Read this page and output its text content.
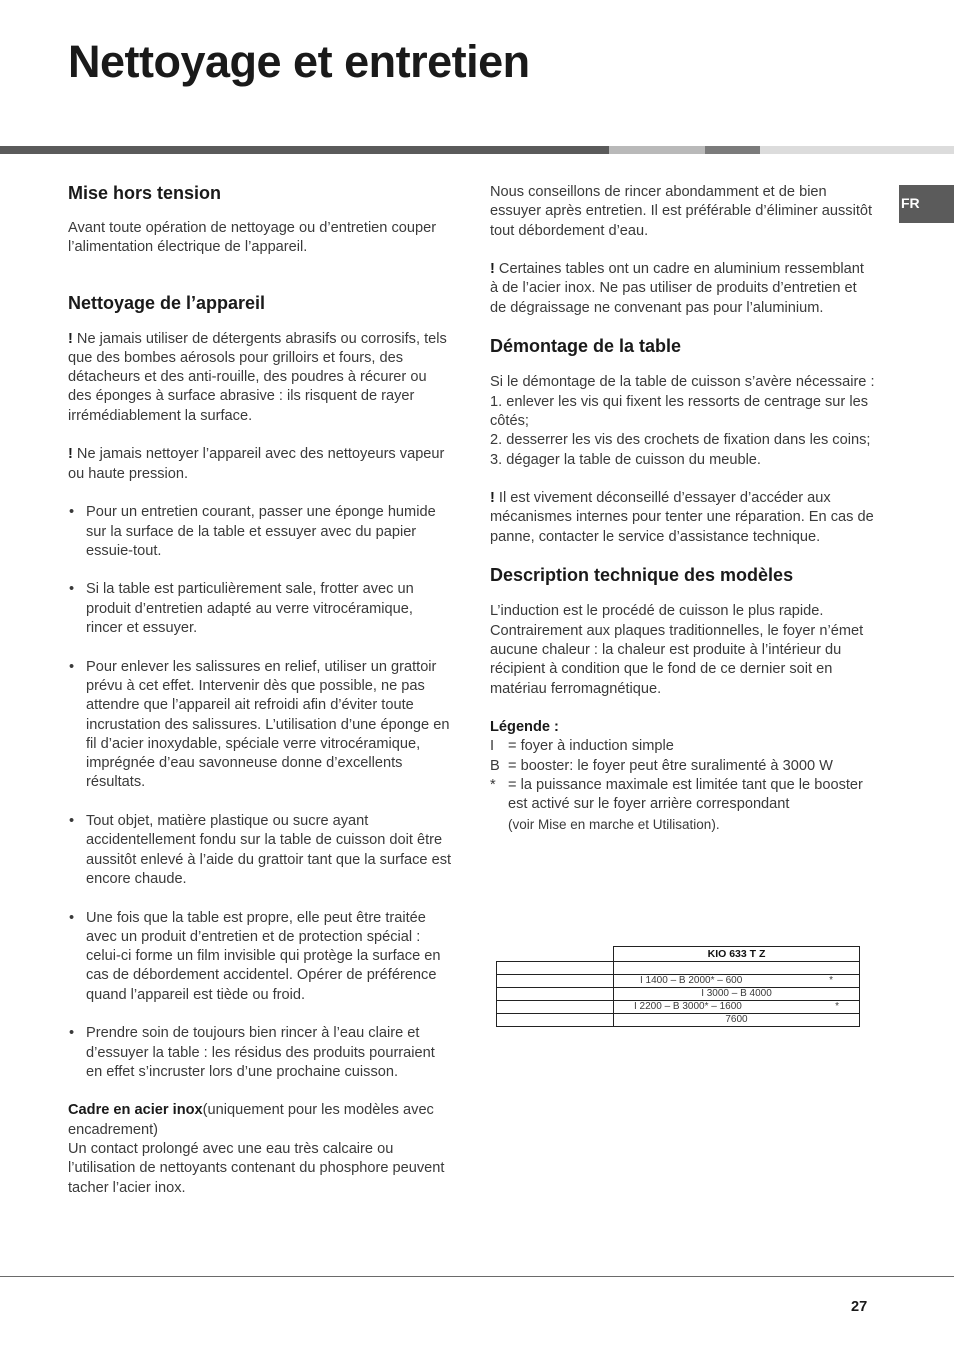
Nettoyage et entretien
FR
Mise hors tension

Avant toute opération de nettoyage ou d’entretien couper l’alimentation électrique de l’appareil.

Nettoyage de l’appareil

! Ne jamais utiliser de détergents abrasifs ou corrosifs, tels que des bombes aérosols pour grilloirs et fours, des détacheurs et des anti-rouille, des poudres à récurer ou des éponges à surface abrasive : ils risquent de rayer irrémédiablement la surface.

! Ne jamais nettoyer l’appareil avec des nettoyeurs vapeur ou haute pression.

• Pour un entretien courant, passer une éponge humide sur la surface de la table et essuyer avec du papier essuie-tout.
• Si la table est particulièrement sale, frotter avec un produit d’entretien adapté au verre vitrocéramique, rincer et essuyer.
• Pour enlever les salissures en relief, utiliser un grattoir prévu à cet effet. Intervenir dès que possible, ne pas attendre que l’appareil ait refroidi afin d’éviter toute incrustation des salissures. L’utilisation d’une éponge en fil d’acier inoxydable, spéciale verre vitrocéramique, imprégnée d’eau savonneuse donne d’excellents résultats.
• Tout objet, matière plastique ou sucre ayant accidentellement fondu sur la table de cuisson doit être aussitôt enlevé à l’aide du grattoir tant que la surface est encore chaude.
• Une fois que la table est propre, elle peut être traitée avec un produit d’entretien et de protection spécial : celui-ci forme un film invisible qui protège la surface en cas de débordement accidentel. Opérer de préférence quand l’appareil est tiède ou froid.
• Prendre soin de toujours bien rincer à l’eau claire et d’essuyer la table : les résidus des produits pourraient en effet s’incruster lors d’une prochaine cuisson.

Cadre en acier inox(uniquement pour les modèles avec encadrement)

Un contact prolongé avec une eau très calcaire ou l’utilisation de nettoyants contenant du phosphore peuvent tacher l’acier inox.

Nous conseillons de rincer abondamment et de bien essuyer après entretien. Il est préférable d’éliminer aussitôt tout débordement d’eau.

! Certaines tables ont un cadre en aluminium ressemblant à de l’acier inox. Ne pas utiliser de produits d’entretien et de dégraissage ne convenant pas pour l’aluminium.

Démontage de la table

Si le démontage de la table de cuisson s’avère nécessaire :

1. enlever les vis qui fixent les ressorts de centrage sur les côtés;

2. desserrer les vis des crochets de fixation dans les coins;

3. dégager la table de cuisson du meuble.

! Il est vivement déconseillé d’essayer d’accéder aux mécanismes internes pour tenter une réparation. En cas de panne, contacter le service d’assistance technique.

Description technique des modèles

L’induction est le procédé de cuisson le plus rapide. Contrairement aux plaques traditionnelles, le foyer n’émet aucune chaleur : la chaleur est produite à l’intérieur du récipient à condition que le fond de ce dernier soit en matériau ferromagnétique.

Légende :

I = foyer à induction simple
B = booster: le foyer peut être suralimenté à 3000 W
* = la puissance maximale est limitée tant que le booster est activé sur le foyer arrière correspondant
(voir Mise en marche et Utilisation).
	KIO 633 T Z

	I 1400 – B 2000* – 600 *

	I 3000 – B 4000

	I 2200 – B 3000* – 1600 *

	7600
27
